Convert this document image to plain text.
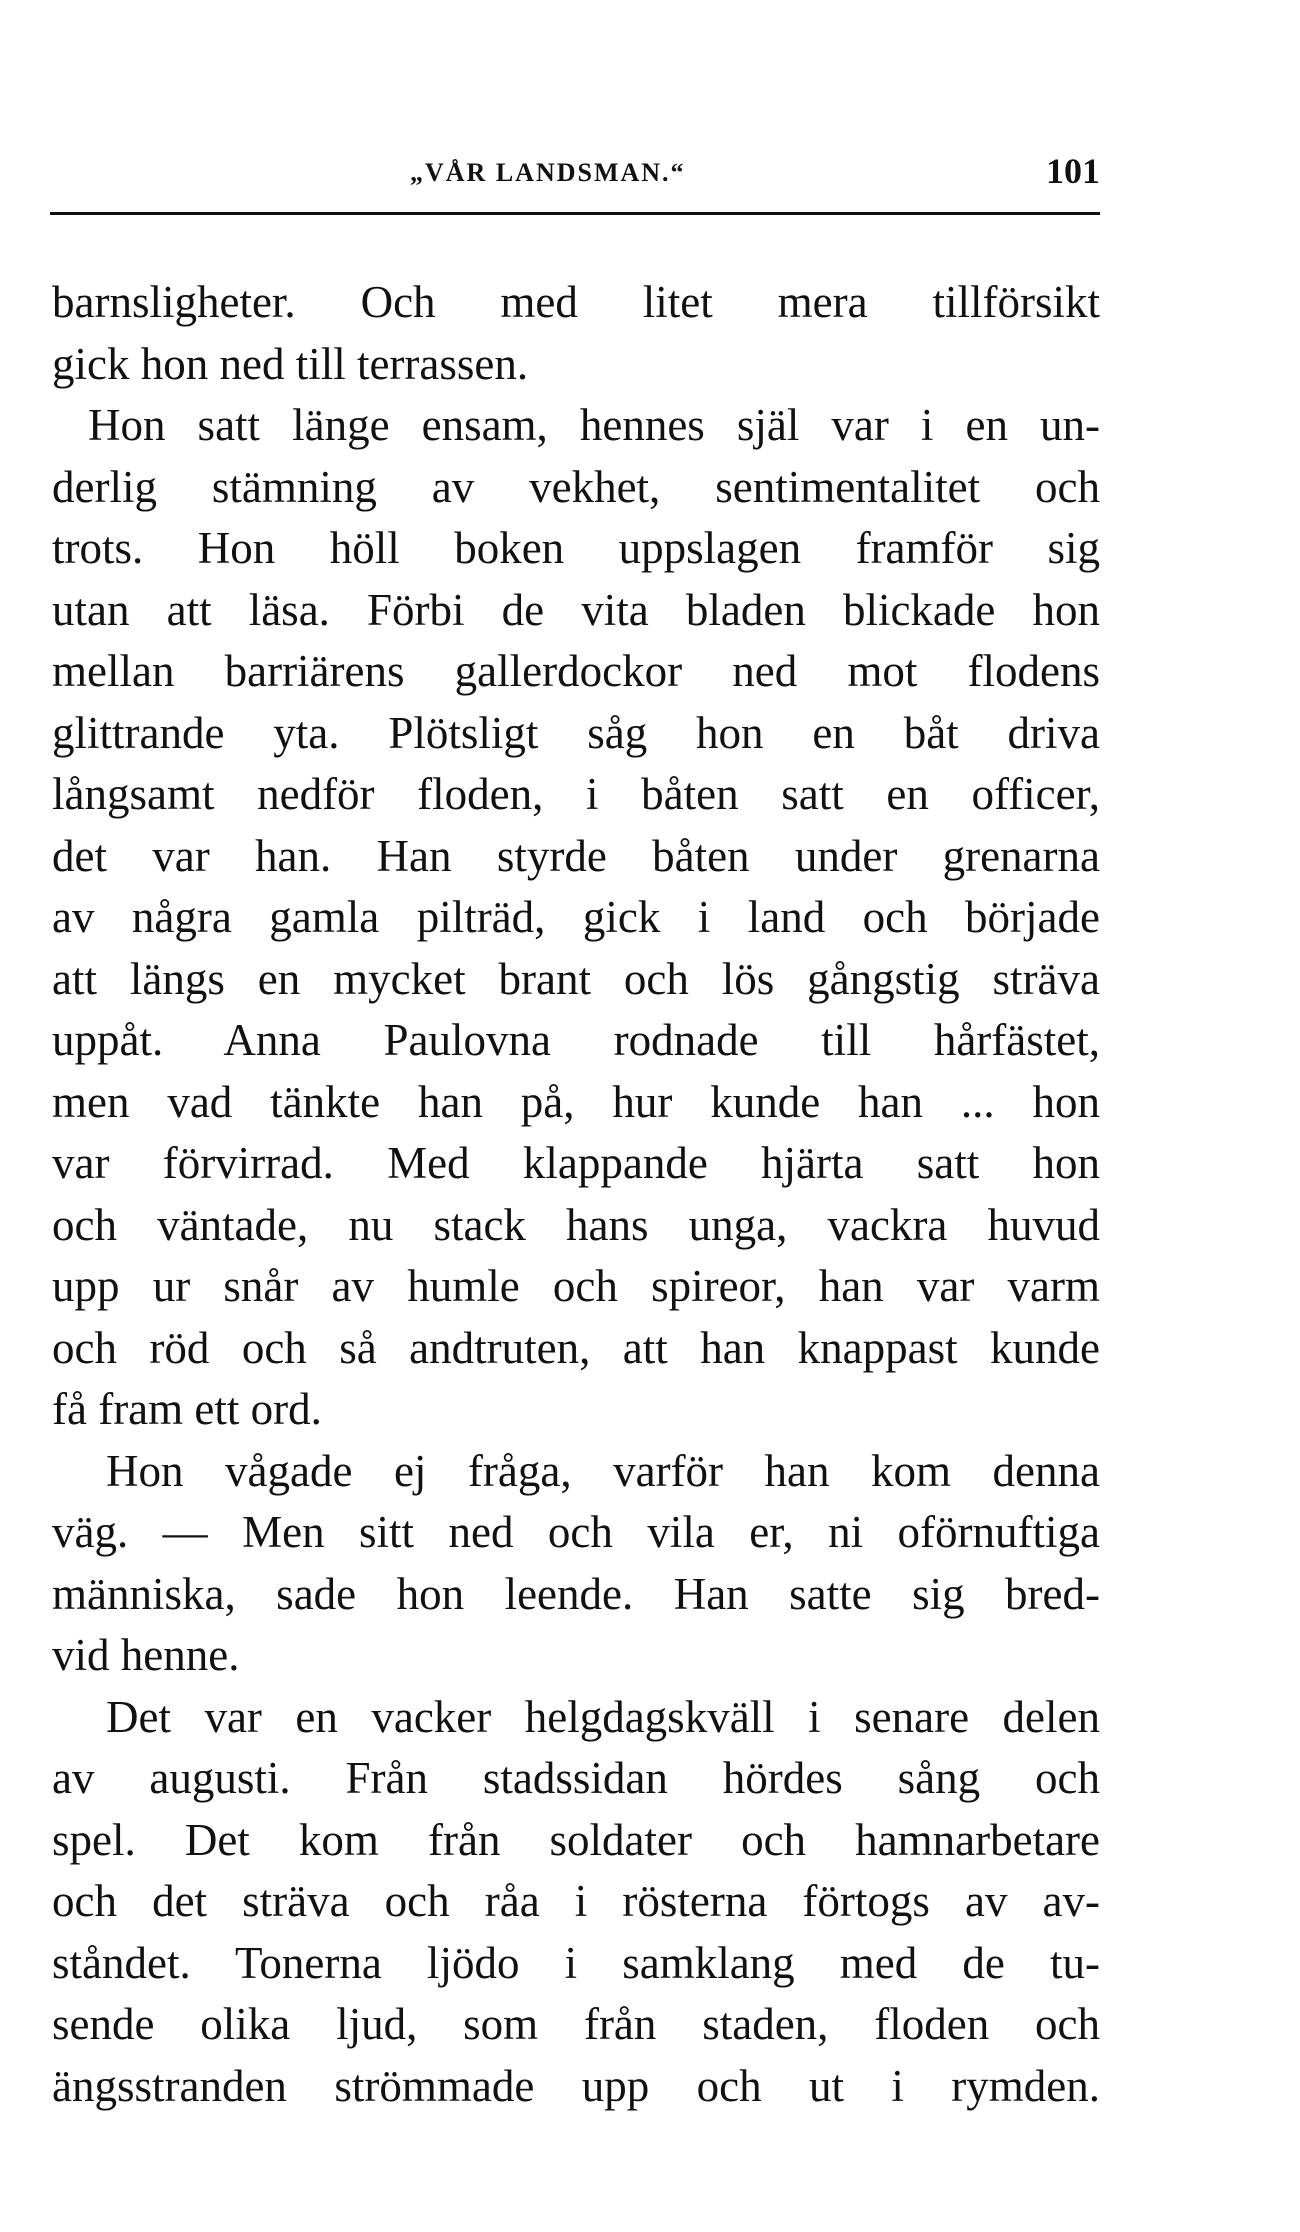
„VÅR LANDSMAN.“	101

barnsligheter. Och med litet mera tillförsikt
gick hon ned till terrassen.

Hon satt länge ensam, hennes själ var i en un-
derlig stämning av vekhet, sentimentalitet och
trots. Hon höll boken uppslagen framför sig
utan att läsa. Förbi de vita bladen blickade hon
mellan barriärens gallerdockor ned mot flodens
glittrande yta. Plötsligt såg hon en båt driva
långsamt nedför floden, i båten satt en officer,
det var han. Han styrde båten under grenarna
av några gamla pilträd, gick i land och började
att längs en mycket brant och lös gångstig sträva
uppåt. Anna Paulovna rodnade till hårfästet,
men vad tänkte han på, hur kunde han ... hon
var förvirrad. Med klappande hjärta satt hon
och väntade, nu stack hans unga, vackra huvud
upp ur snår av humle och spireor, han var varm
och röd och så andtruten, att han knappast kunde
få fram ett ord.

Hon vågade ej fråga, varför han kom denna
väg. — Men sitt ned och vila er, ni oförnuftiga
människa, sade hon leende. Han satte sig bred-
vid henne.

Det var en vacker helgdagskväll i senare delen
av augusti. Från stadssidan hördes sång och
spel. Det kom från soldater och hamnarbetare
och det sträva och råa i rösterna förtogs av av-
ståndet. Tonerna ljödo i samklang med de tu-
sende olika ljud, som från staden, floden och
ängsstranden strömmade upp och ut i rymden.
